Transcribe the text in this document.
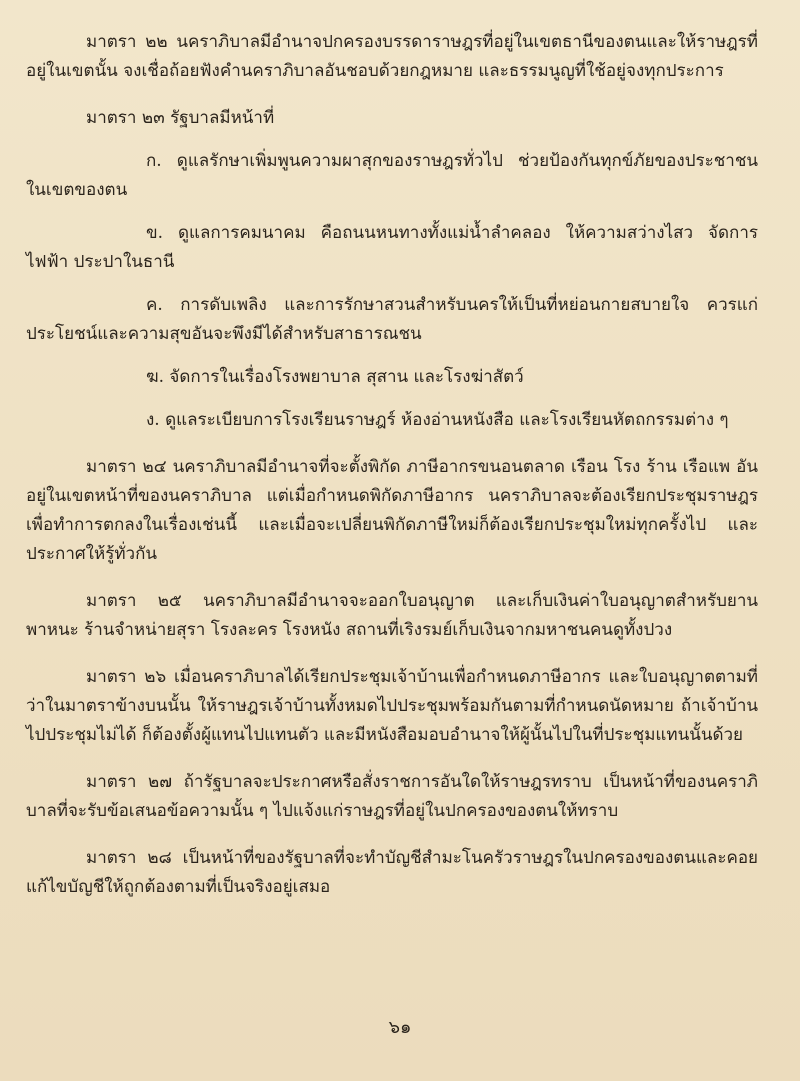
มาตรา ๒๒ นคราภิบาลมีอำนาจปกครองบรรดาราษฎรที่อยู่ในเขตธานีของตนและให้ราษฎรที่อยู่ในเขตนั้น จงเชื่อถ้อยฟังคำนคราภิบาลอันชอบด้วยกฎหมาย และธรรมนูญที่ใช้อยู่จงทุกประการ

มาตรา ๒๓ รัฐบาลมีหน้าที่

ก. ดูแลรักษาเพิ่มพูนความผาสุกของราษฎรทั่วไป ช่วยป้องกันทุกข์ภัยของประชาชนในเขตของตน

ข. ดูแลการคมนาคม คือถนนหนทางทั้งแม่น้ำลำคลอง ให้ความสว่างไสว จัดการไฟฟ้า ประปาในธานี

ค. การดับเพลิง และการรักษาสวนสำหรับนครให้เป็นที่หย่อนกายสบายใจ ควรแก่ประโยชน์และความสุขอันจะพึงมีได้สำหรับสาธารณชน

ฆ. จัดการในเรื่องโรงพยาบาล สุสาน และโรงฆ่าสัตว์

ง. ดูแลระเบียบการโรงเรียนราษฎร์ ห้องอ่านหนังสือ และโรงเรียนหัตถกรรมต่าง ๆ

มาตรา ๒๔ นคราภิบาลมีอำนาจที่จะตั้งพิกัด ภาษีอากรขนอนตลาด เรือน โรง ร้าน เรือแพ อันอยู่ในเขตหน้าที่ของนคราภิบาล แต่เมื่อกำหนดพิกัดภาษีอากร นคราภิบาลจะต้องเรียกประชุมราษฎรเพื่อทำการตกลงในเรื่องเช่นนี้ และเมื่อจะเปลี่ยนพิกัดภาษีใหม่ก็ต้องเรียกประชุมใหม่ทุกครั้งไป และประกาศให้รู้ทั่วกัน

มาตรา ๒๕ นคราภิบาลมีอำนาจจะออกใบอนุญาต และเก็บเงินค่าใบอนุญาตสำหรับยานพาหนะ ร้านจำหน่ายสุรา โรงละคร โรงหนัง สถานที่เริงรมย์เก็บเงินจากมหาชนคนดูทั้งปวง

มาตรา ๒๖ เมื่อนคราภิบาลได้เรียกประชุมเจ้าบ้านเพื่อกำหนดภาษีอากร และใบอนุญาตตามที่ว่าในมาตราข้างบนนั้น ให้ราษฎรเจ้าบ้านทั้งหมดไปประชุมพร้อมกันตามที่กำหนดนัดหมาย ถ้าเจ้าบ้านไปประชุมไม่ได้ ก็ต้องตั้งผู้แทนไปแทนตัว และมีหนังสือมอบอำนาจให้ผู้นั้นไปในที่ประชุมแทนนั้นด้วย

มาตรา ๒๗ ถ้ารัฐบาลจะประกาศหรือสั่งราชการอันใดให้ราษฎรทราบ เป็นหน้าที่ของนคราภิบาลที่จะรับข้อเสนอข้อความนั้น ๆ ไปแจ้งแก่ราษฎรที่อยู่ในปกครองของตนให้ทราบ

มาตรา ๒๘ เป็นหน้าที่ของรัฐบาลที่จะทำบัญชีสำมะโนครัวราษฎรในปกครองของตนและคอยแก้ไขบัญชีให้ถูกต้องตามที่เป็นจริงอยู่เสมอ

๖๑
